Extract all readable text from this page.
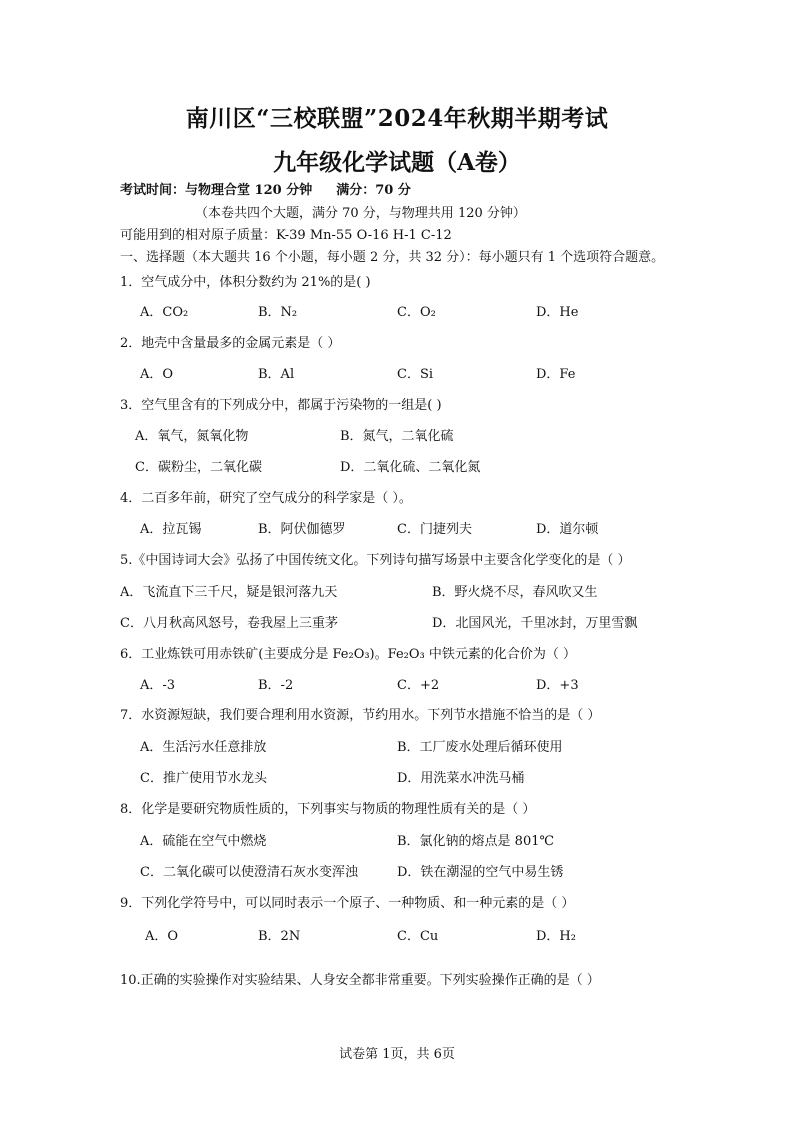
南川区“三校联盟”2024年秋期半期考试
九年级化学试题（A卷）
考试时间：与物理合堂 120 分钟 满分：70 分
（本卷共四个大题，满分 70 分，与物理共用 120 分钟）
可能用到的相对原子质量：K-39 Mn-55 O-16 H-1 C-12
一、选择题（本大题共 16 个小题，每小题 2 分，共 32 分）：每小题只有 1 个选项符合题意。
1．空气成分中，体积分数约为 21%的是( )
A．CO₂	B．N₂	C．O₂	D．He
2．地壳中含量最多的金属元素是（ ）
A．O	B．Al	C．Si	D．Fe
3．空气里含有的下列成分中，都属于污染物的一组是( )
A．氧气，氮氧化物	B．氮气，二氧化硫
C．碳粉尘，二氧化碳	D．二氧化硫、二氧化氮
4．二百多年前，研究了空气成分的科学家是（ ）。
A．拉瓦锡	B．阿伏伽德罗	C．门捷列夫	D．道尔顿
5.《中国诗词大会》弘扬了中国传统文化。下列诗句描写场景中主要含化学变化的是（ ）
A．飞流直下三千尺，疑是银河落九天	B．野火烧不尽，春风吹又生
C．八月秋高风怒号，卷我屋上三重茅	D．北国风光，千里冰封，万里雪飘
6．工业炼铁可用赤铁矿(主要成分是 Fe₂O₃)。Fe₂O₃ 中铁元素的化合价为（ ）
A．-3	B．-2	C．+2	D．+3
7．水资源短缺，我们要合理利用水资源，节约用水。下列节水措施不恰当的是（ ）
A．生活污水任意排放	B．工厂废水处理后循环使用
C．推广使用节水龙头	D．用洗菜水冲洗马桶
8．化学是要研究物质性质的，下列事实与物质的物理性质有关的是（ ）
A．硫能在空气中燃烧	B．氯化钠的熔点是 801℃
C．二氧化碳可以使澄清石灰水变浑浊	D．铁在潮湿的空气中易生锈
9．下列化学符号中，可以同时表示一个原子、一种物质、和一种元素的是（ ）
A．O	B．2N	C．Cu	D．H₂
10.正确的实验操作对实验结果、人身安全都非常重要。下列实验操作正确的是（ ）
试卷第 1页，共 6页
